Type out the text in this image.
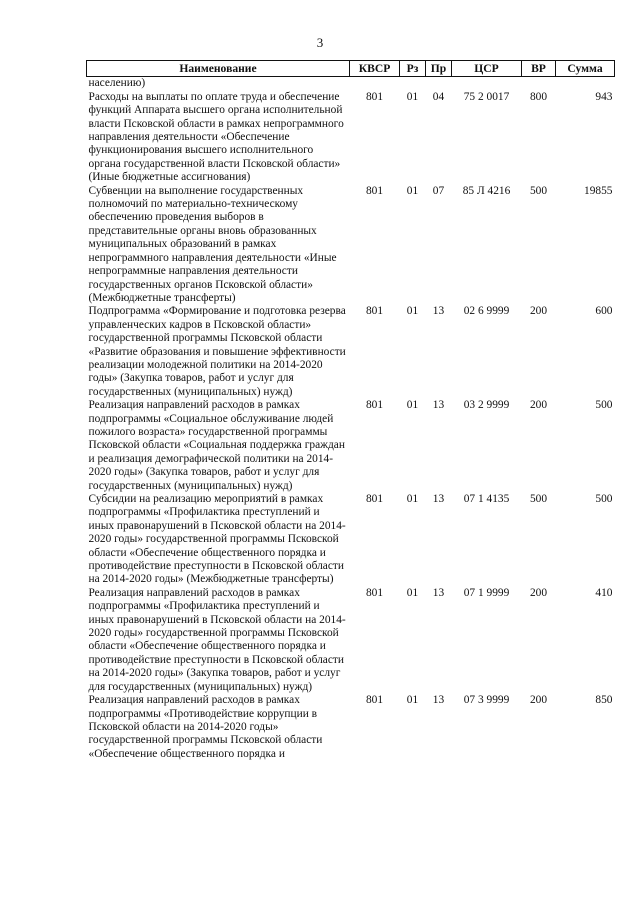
3
Наименование	КВСР	Рз	Пр	ЦСР	ВР	Сумма
населению)						
Расходы на выплаты по оплате труда и обеспечение функций Аппарата высшего органа исполнительной власти Псковской области в рамках непрограммного направления деятельности «Обеспечение функционирования высшего исполнительного органа государственной власти Псковской области» (Иные бюджетные ассигнования)	801	01	04	75 2 0017	800	943
Субвенции на выполнение государственных полномочий по материально-техническому обеспечению проведения выборов в представительные органы вновь образованных муниципальных образований в рамках непрограммного направления деятельности «Иные непрограммные направления деятельности государственных органов Псковской области» (Межбюджетные трансферты)	801	01	07	85 Л 4216	500	19855
Подпрограмма «Формирование и подготовка резерва управленческих кадров в Псковской области» государственной программы Псковской области «Развитие образования и повышение эффективности реализации молодежной политики на 2014-2020 годы» (Закупка товаров, работ и услуг для государственных (муниципальных) нужд)	801	01	13	02 6 9999	200	600
Реализация направлений расходов в рамках подпрограммы «Социальное обслуживание людей пожилого возраста» государственной программы Псковской области «Социальная поддержка граждан и реализация демографической политики на 2014-2020 годы» (Закупка товаров, работ и услуг для государственных (муниципальных) нужд)	801	01	13	03 2 9999	200	500
Субсидии на реализацию мероприятий в рамках подпрограммы «Профилактика преступлений и иных правонарушений в Псковской области на 2014-2020 годы» государственной программы Псковской области «Обеспечение общественного порядка и противодействие преступности в Псковской области на 2014-2020 годы» (Межбюджетные трансферты)	801	01	13	07 1 4135	500	500
Реализация направлений расходов в рамках подпрограммы «Профилактика преступлений и иных правонарушений в Псковской области на 2014-2020 годы» государственной программы Псковской области «Обеспечение общественного порядка и противодействие преступности в Псковской области на 2014-2020 годы» (Закупка товаров, работ и услуг для государственных (муниципальных) нужд)	801	01	13	07 1 9999	200	410
Реализация направлений расходов в рамках подпрограммы «Противодействие коррупции в Псковской области на 2014-2020 годы» государственной программы Псковской области «Обеспечение общественного порядка и	801	01	13	07 3 9999	200	850
